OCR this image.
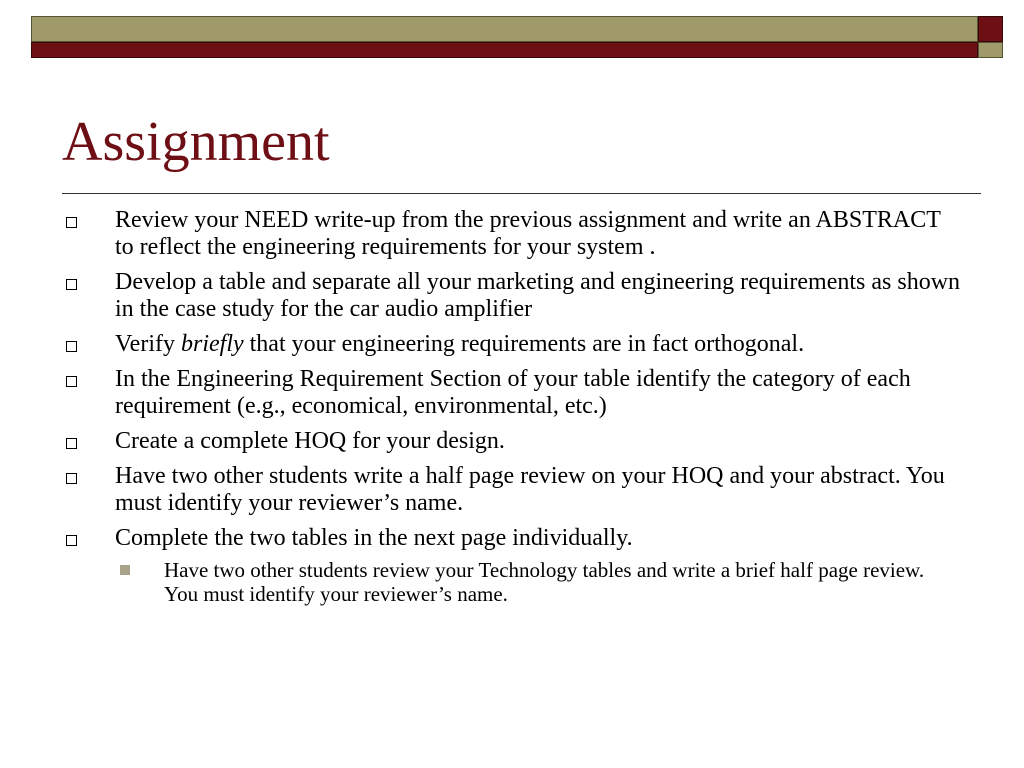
Assignment
Review your NEED write-up from the previous assignment and write an ABSTRACT to reflect the engineering requirements for your system .
Develop a table and separate all your marketing and engineering requirements as shown in the case study for the car audio amplifier
Verify briefly that your engineering requirements are in fact orthogonal.
In the Engineering Requirement Section of your table identify the category of each requirement (e.g., economical, environmental, etc.)
Create a complete HOQ for your design.
Have two other students write a half page review on your HOQ and your abstract. You must identify your reviewer’s name.
Complete the two tables in the next page individually.
Have two other students review your Technology tables and write a brief half page review. You must identify your reviewer’s name.
